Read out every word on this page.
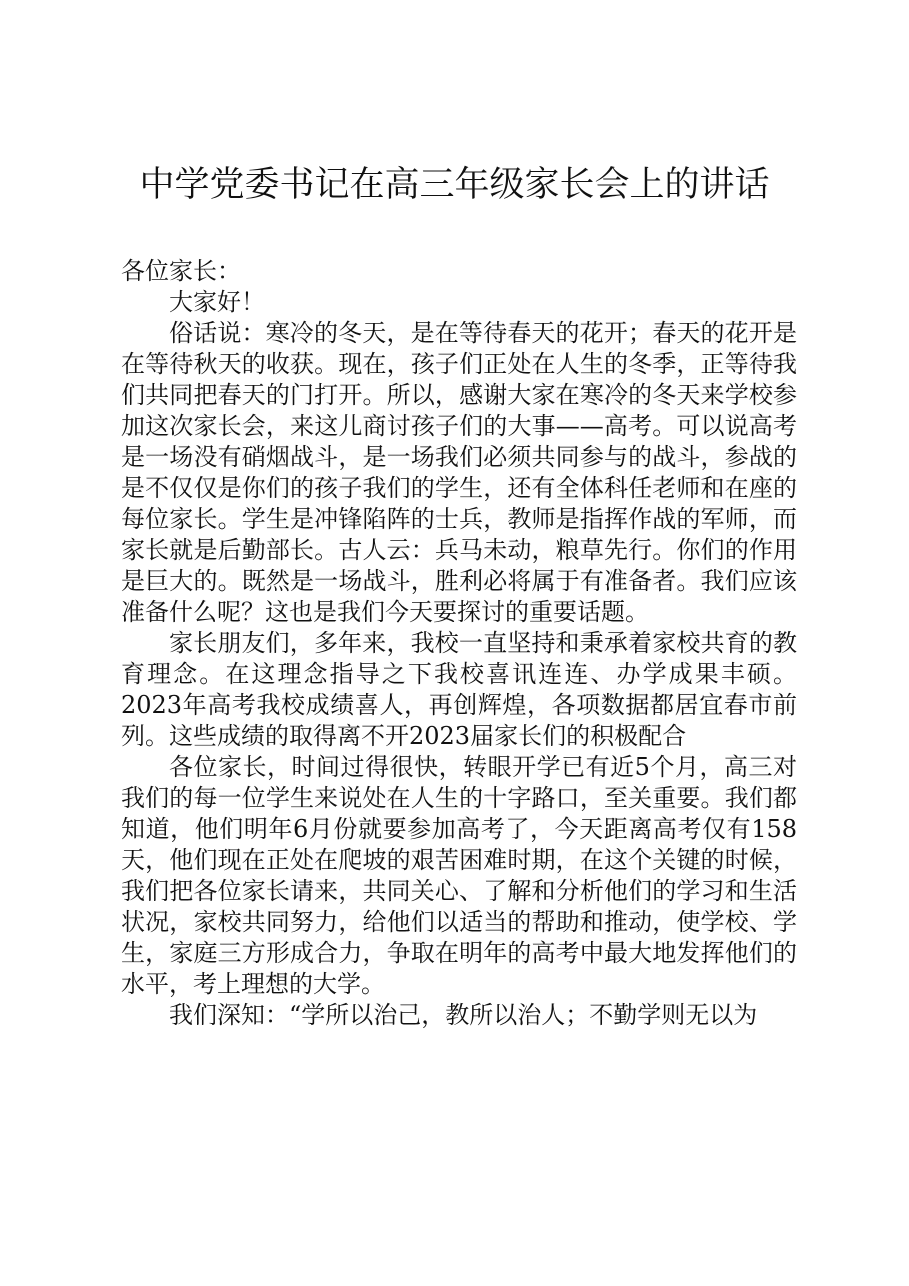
中学党委书记在高三年级家长会上的讲话

各位家长：

大家好！

俗话说：寒冷的冬天，是在等待春天的花开；春天的花开是在等待秋天的收获。现在，孩子们正处在人生的冬季，正等待我们共同把春天的门打开。所以，感谢大家在寒冷的冬天来学校参加这次家长会，来这儿商讨孩子们的大事——高考。可以说高考是一场没有硝烟战斗，是一场我们必须共同参与的战斗，参战的是不仅仅是你们的孩子我们的学生，还有全体科任老师和在座的每位家长。学生是冲锋陷阵的士兵，教师是指挥作战的军师，而家长就是后勤部长。古人云：兵马未动，粮草先行。你们的作用是巨大的。既然是一场战斗，胜利必将属于有准备者。我们应该准备什么呢？这也是我们今天要探讨的重要话题。

家长朋友们，多年来，我校一直坚持和秉承着家校共育的教育理念。在这理念指导之下我校喜讯连连、办学成果丰硕。2023年高考我校成绩喜人，再创辉煌，各项数据都居宜春市前列。这些成绩的取得离不开2023届家长们的积极配合

各位家长，时间过得很快，转眼开学已有近5个月，高三对我们的每一位学生来说处在人生的十字路口，至关重要。我们都知道，他们明年6月份就要参加高考了，今天距离高考仅有158天，他们现在正处在爬坡的艰苦困难时期，在这个关键的时候，我们把各位家长请来，共同关心、了解和分析他们的学习和生活状况，家校共同努力，给他们以适当的帮助和推动，使学校、学生，家庭三方形成合力，争取在明年的高考中最大地发挥他们的水平，考上理想的大学。

我们深知：“学所以治己，教所以治人；不勤学则无以为
